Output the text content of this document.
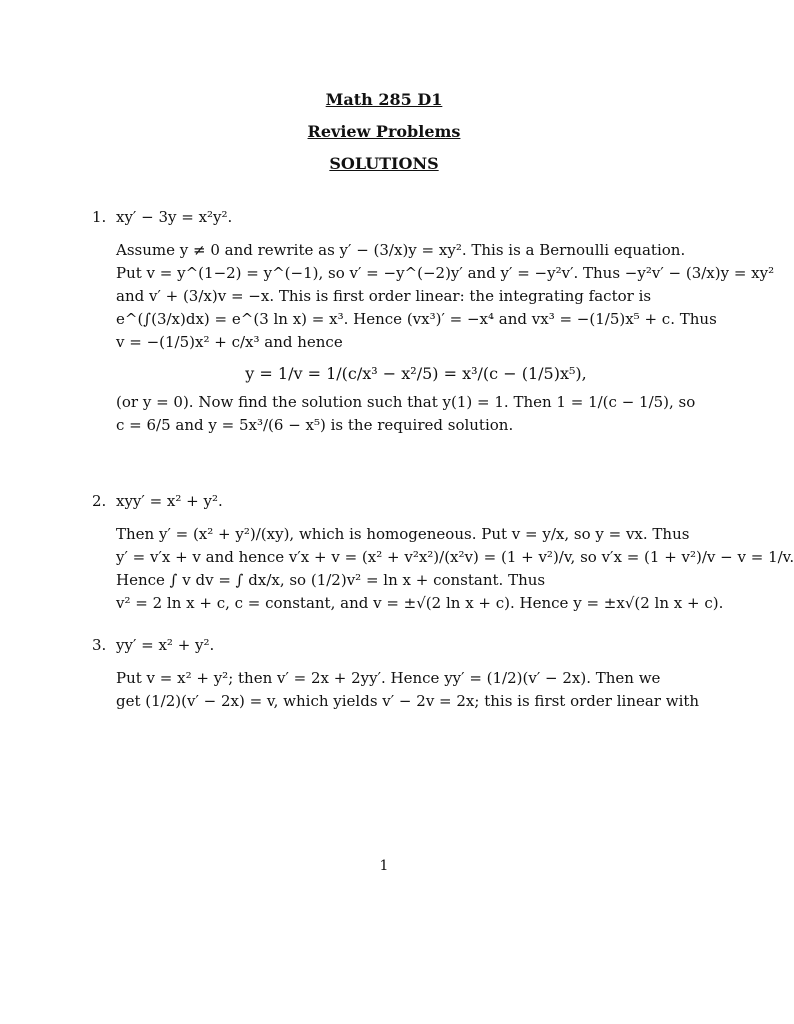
Math 285 D1
Review Problems
SOLUTIONS
1. xy′ − 3y = x²y².
Assume y ≠ 0 and rewrite as y′ − (3/x)y = xy². This is a Bernoulli equation.
Put v = y^(1−2) = y^(−1), so v′ = −y^(−2)y′ and y′ = −y²v′. Thus −y²v′ − (3/x)y = xy²
and v′ + (3/x)v = −x. This is first order linear: the integrating factor is
e^(∫(3/x)dx) = e^(3 ln x) = x³. Hence (vx³)′ = −x⁴ and vx³ = −(1/5)x⁵ + c. Thus
v = −(1/5)x² + c/x³ and hence
y = 1/v = 1/(c/x³ − x²/5) = x³/(c − (1/5)x⁵),
(or y = 0). Now find the solution such that y(1) = 1. Then 1 = 1/(c − 1/5), so
c = 6/5 and y = 5x³/(6 − x⁵) is the required solution.
2. xyy′ = x² + y².
Then y′ = (x² + y²)/(xy), which is homogeneous. Put v = y/x, so y = vx. Thus
y′ = v′x + v and hence v′x + v = (x² + v²x²)/(x²v) = (1 + v²)/v, so v′x = (1 + v²)/v − v = 1/v.
Hence ∫ v dv = ∫ dx/x, so (1/2)v² = ln x + constant. Thus
v² = 2 ln x + c, c = constant, and v = ±√(2 ln x + c). Hence y = ±x√(2 ln x + c).
3. yy′ = x² + y².
Put v = x² + y²; then v′ = 2x + 2yy′. Hence yy′ = (1/2)(v′ − 2x). Then we
get (1/2)(v′ − 2x) = v, which yields v′ − 2v = 2x; this is first order linear with
1
